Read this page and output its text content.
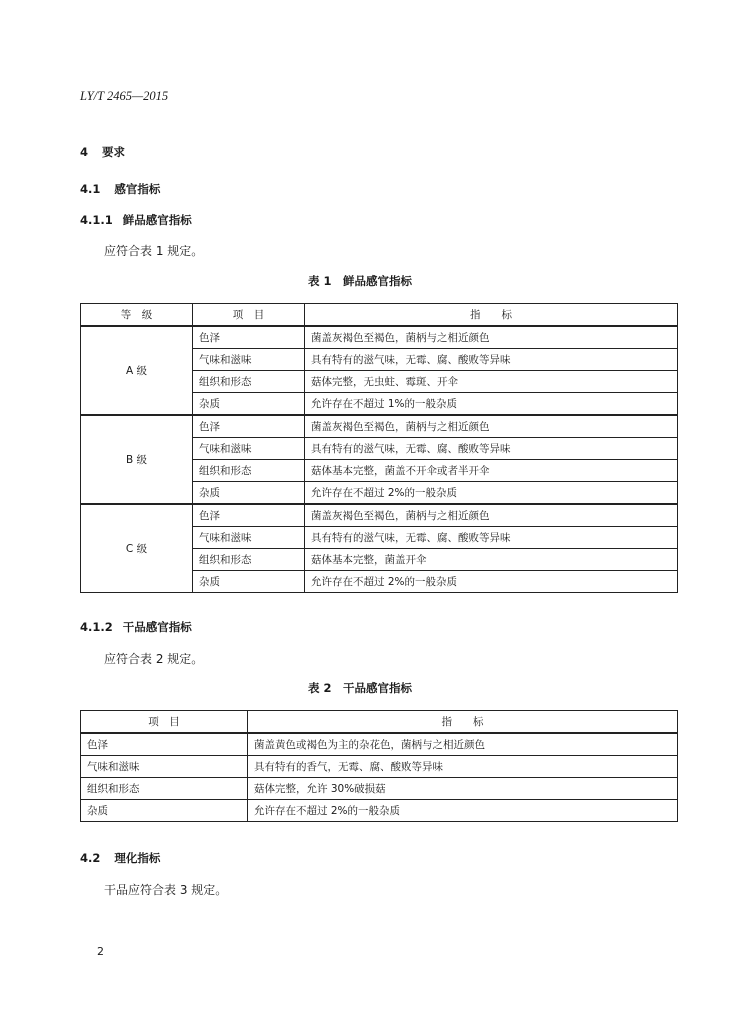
LY/T 2465—2015
4 要求
4.1 感官指标
4.1.1 鲜品感官指标
应符合表 1 规定。
表 1　鲜品感官指标
等　级	项　目	指　　标
A 级	色泽	菌盖灰褐色至褐色，菌柄与之相近颜色
	气味和滋味	具有特有的滋气味，无霉、腐、酸败等异味
	组织和形态	菇体完整，无虫蛀、霉斑、开伞
	杂质	允许存在不超过 1%的一般杂质
B 级	色泽	菌盖灰褐色至褐色，菌柄与之相近颜色
	气味和滋味	具有特有的滋气味，无霉、腐、酸败等异味
	组织和形态	菇体基本完整，菌盖不开伞或者半开伞
	杂质	允许存在不超过 2%的一般杂质
C 级	色泽	菌盖灰褐色至褐色，菌柄与之相近颜色
	气味和滋味	具有特有的滋气味，无霉、腐、酸败等异味
	组织和形态	菇体基本完整，菌盖开伞
	杂质	允许存在不超过 2%的一般杂质
4.1.2 干品感官指标
应符合表 2 规定。
表 2　干品感官指标
项　目	指　　标
色泽	菌盖黄色或褐色为主的杂花色，菌柄与之相近颜色
气味和滋味	具有特有的香气，无霉、腐、酸败等异味
组织和形态	菇体完整，允许 30%破损菇
杂质	允许存在不超过 2%的一般杂质
4.2 理化指标
干品应符合表 3 规定。
2
